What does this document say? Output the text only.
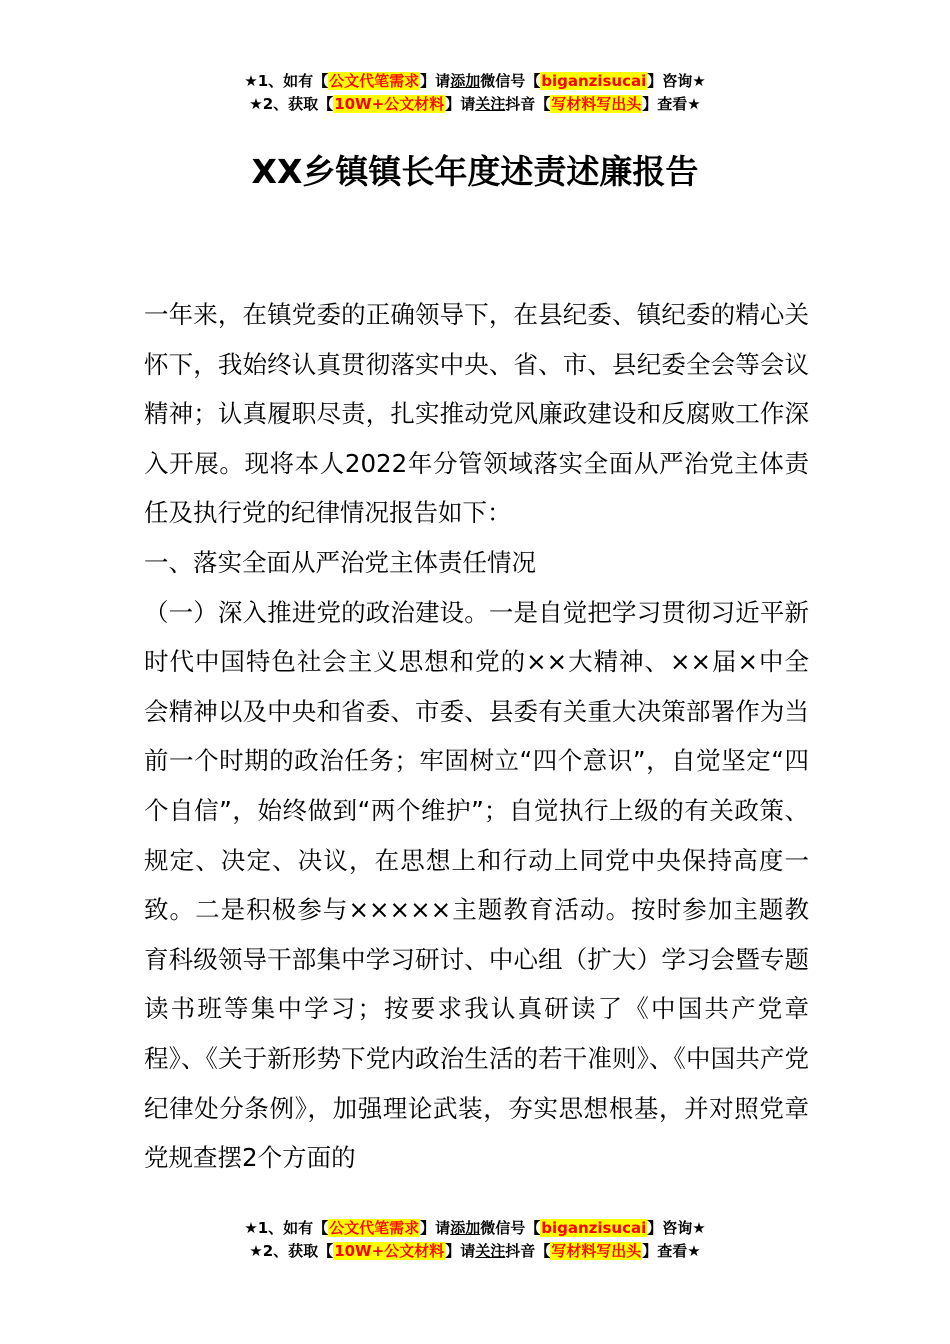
★1、如有【公文代笔需求】请添加微信号【biganzisucai】咨询★
★2、获取【10W+公文材料】请关注抖音【写材料写出头】查看★
XX乡镇镇长年度述责述廉报告

一年来，在镇党委的正确领导下，在县纪委、镇纪委的精心关怀下，我始终认真贯彻落实中央、省、市、县纪委全会等会议精神；认真履职尽责，扎实推动党风廉政建设和反腐败工作深入开展。现将本人2022年分管领域落实全面从严治党主体责任及执行党的纪律情况报告如下：

一、落实全面从严治党主体责任情况

（一）深入推进党的政治建设。一是自觉把学习贯彻习近平新时代中国特色社会主义思想和党的××大精神、××届×中全会精神以及中央和省委、市委、县委有关重大决策部署作为当前一个时期的政治任务；牢固树立“四个意识”，自觉坚定“四个自信”，始终做到“两个维护”；自觉执行上级的有关政策、规定、决定、决议，在思想上和行动上同党中央保持高度一致。二是积极参与×××××主题教育活动。按时参加主题教育科级领导干部集中学习研讨、中心组（扩大）学习会暨专题读书班等集中学习；按要求我认真研读了《中国共产党章程》、《关于新形势下党内政治生活的若干准则》、《中国共产党纪律处分条例》，加强理论武装，夯实思想根基，并对照党章党规查摆2个方面的

★1、如有【公文代笔需求】请添加微信号【biganzisucai】咨询★
★2、获取【10W+公文材料】请关注抖音【写材料写出头】查看★
